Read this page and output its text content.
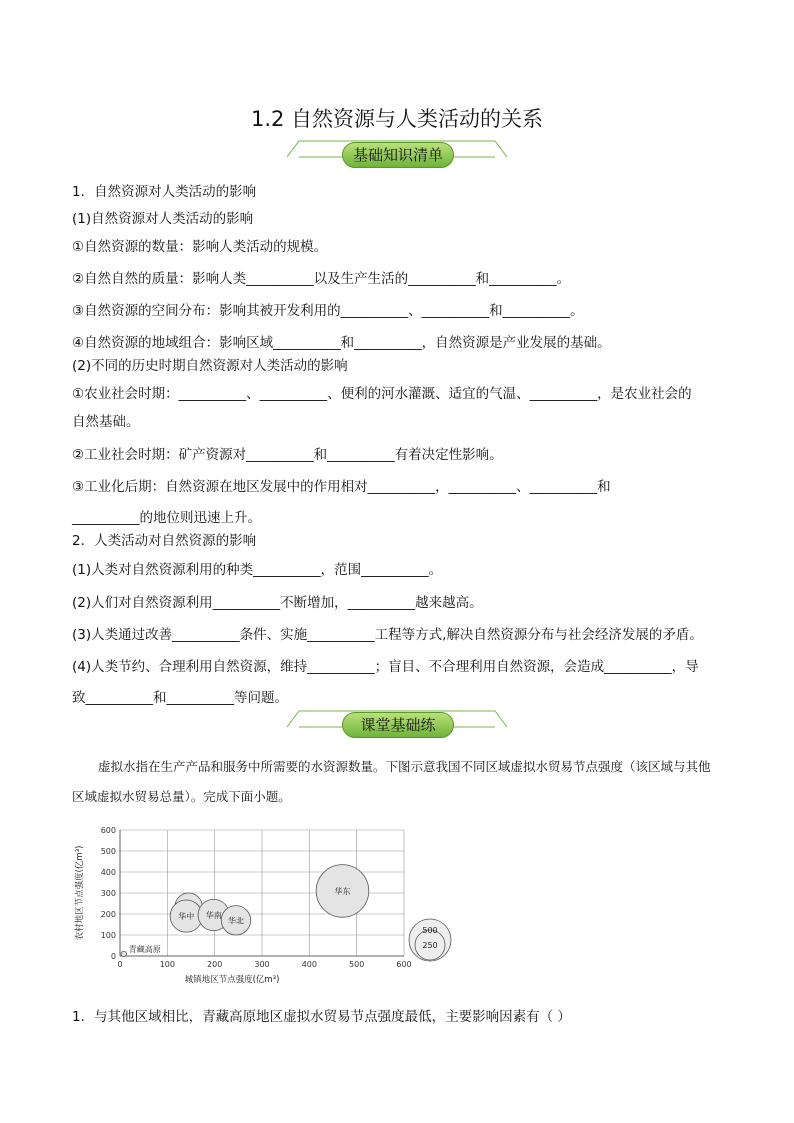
1.2 自然资源与人类活动的关系
基础知识清单
1．自然资源对人类活动的影响
(1)自然资源对人类活动的影响
①自然资源的数量：影响人类活动的规模。
②自然自然的质量：影响人类__________以及生产生活的__________和__________。
③自然资源的空间分布：影响其被开发利用的__________、__________和__________。
④自然资源的地域组合：影响区域__________和__________，自然资源是产业发展的基础。
(2)不同的历史时期自然资源对人类活动的影响
①农业社会时期：__________、__________、便利的河水灌溉、适宜的气温、__________，是农业社会的
自然基础。
②工业社会时期：矿产资源对__________和__________有着决定性影响。
③工业化后期：自然资源在地区发展中的作用相对__________，__________、__________和
__________的地位则迅速上升。
2．人类活动对自然资源的影响
(1)人类对自然资源利用的种类__________，范围__________。
(2)人们对自然资源利用__________不断增加，__________越来越高。
(3)人类通过改善__________条件、实施__________工程等方式,解决自然资源分布与社会经济发展的矛盾。
(4)人类节约、合理利用自然资源，维持__________；盲目、不合理利用自然资源，会造成__________，导
致__________和__________等问题。
课堂基础练
虚拟水指在生产产品和服务中所需要的水资源数量。下图示意我国不同区域虚拟水贸易节点强度（该区域与其他区域虚拟水贸易总量）。完成下面小题。
0
100
200
300
400
500
600
0	100	200	300	400	500	600
城镇地区节点强度(亿m³)
农村地区节点强度(亿m³)
青藏高原
华中 华南
华北
华东
500
250
1．与其他区域相比，青藏高原地区虚拟水贸易节点强度最低，主要影响因素有（ ）
